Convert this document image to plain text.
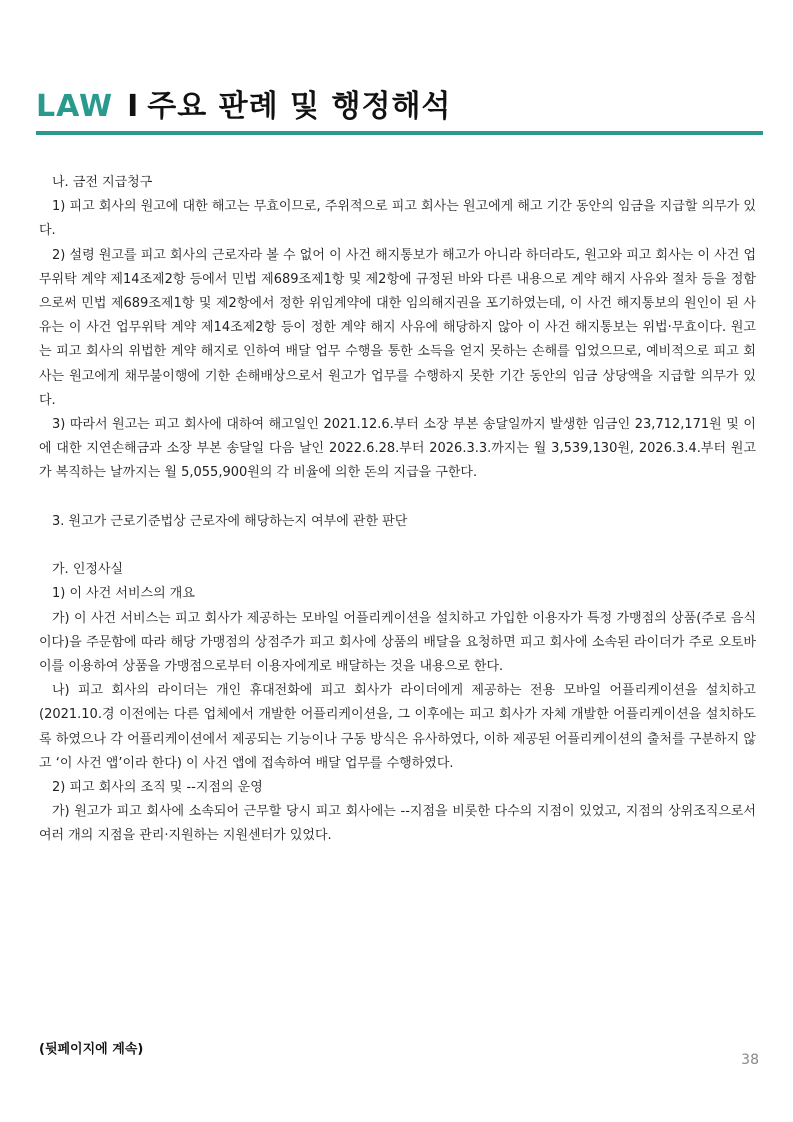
LAW I 주요 판례 및 행정해석

나. 금전 지급청구

1) 피고 회사의 원고에 대한 해고는 무효이므로, 주위적으로 피고 회사는 원고에게 해고 기간 동안의 임금을 지급할 의무가 있다.

2) 설령 원고를 피고 회사의 근로자라 볼 수 없어 이 사건 해지통보가 해고가 아니라 하더라도, 원고와 피고 회사는 이 사건 업무위탁 계약 제14조제2항 등에서 민법 제689조제1항 및 제2항에 규정된 바와 다른 내용으로 계약 해지 사유와 절차 등을 정함으로써 민법 제689조제1항 및 제2항에서 정한 위임계약에 대한 임의해지권을 포기하였는데, 이 사건 해지통보의 원인이 된 사유는 이 사건 업무위탁 계약 제14조제2항 등이 정한 계약 해지 사유에 해당하지 않아 이 사건 해지통보는 위법·무효이다. 원고는 피고 회사의 위법한 계약 해지로 인하여 배달 업무 수행을 통한 소득을 얻지 못하는 손해를 입었으므로, 예비적으로 피고 회사는 원고에게 채무불이행에 기한 손해배상으로서 원고가 업무를 수행하지 못한 기간 동안의 임금 상당액을 지급할 의무가 있다.

3) 따라서 원고는 피고 회사에 대하여 해고일인 2021.12.6.부터 소장 부본 송달일까지 발생한 임금인 23,712,171원 및 이에 대한 지연손해금과 소장 부본 송달일 다음 날인 2022.6.28.부터 2026.3.3.까지는 월 3,539,130원, 2026.3.4.부터 원고가 복직하는 날까지는 월 5,055,900원의 각 비율에 의한 돈의 지급을 구한다.

3. 원고가 근로기준법상 근로자에 해당하는지 여부에 관한 판단

가. 인정사실

1) 이 사건 서비스의 개요

가) 이 사건 서비스는 피고 회사가 제공하는 모바일 어플리케이션을 설치하고 가입한 이용자가 특정 가맹점의 상품(주로 음식이다)을 주문함에 따라 해당 가맹점의 상점주가 피고 회사에 상품의 배달을 요청하면 피고 회사에 소속된 라이더가 주로 오토바이를 이용하여 상품을 가맹점으로부터 이용자에게로 배달하는 것을 내용으로 한다.

나) 피고 회사의 라이더는 개인 휴대전화에 피고 회사가 라이더에게 제공하는 전용 모바일 어플리케이션을 설치하고(2021.10.경 이전에는 다른 업체에서 개발한 어플리케이션을, 그 이후에는 피고 회사가 자체 개발한 어플리케이션을 설치하도록 하였으나 각 어플리케이션에서 제공되는 기능이나 구동 방식은 유사하였다, 이하 제공된 어플리케이션의 출처를 구분하지 않고 ‘이 사건 앱’이라 한다) 이 사건 앱에 접속하여 배달 업무를 수행하였다.

2) 피고 회사의 조직 및 --지점의 운영

가) 원고가 피고 회사에 소속되어 근무할 당시 피고 회사에는 --지점을 비롯한 다수의 지점이 있었고, 지점의 상위조직으로서 여러 개의 지점을 관리·지원하는 지원센터가 있었다.

(뒷페이지에 계속)
38
